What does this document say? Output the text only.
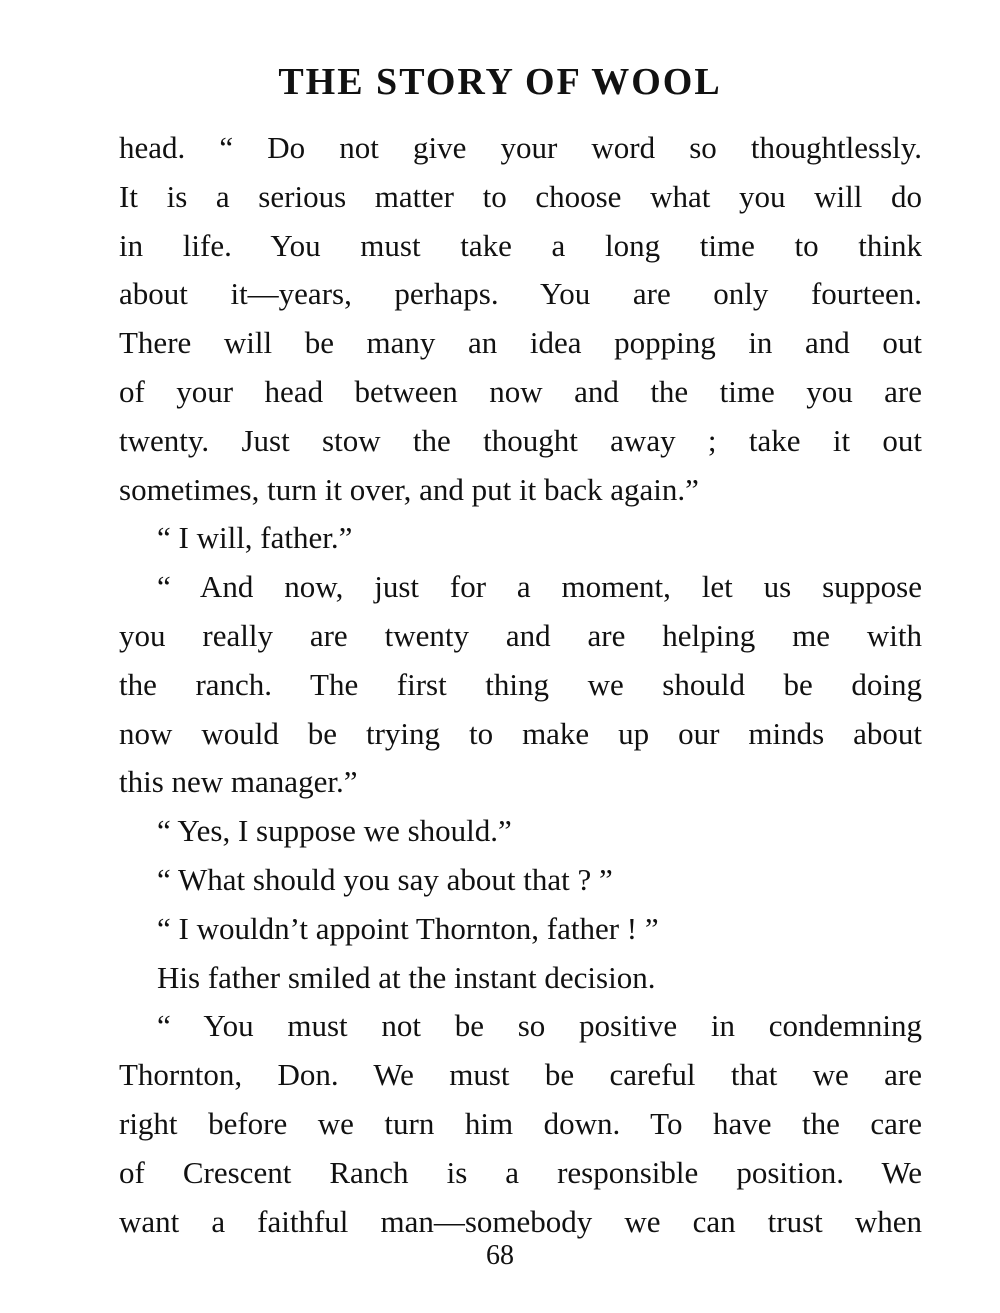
THE STORY OF WOOL
head. “ Do not give your word so thoughtlessly.
It is a serious matter to choose what you will do
in life. You must take a long time to think
about it—years, perhaps. You are only fourteen.
There will be many an idea popping in and out
of your head between now and the time you are
twenty. Just stow the thought away ; take it out
sometimes, turn it over, and put it back again.”
“ I will, father.”
“ And now, just for a moment, let us suppose
you really are twenty and are helping me with
the ranch. The first thing we should be doing
now would be trying to make up our minds about
this new manager.”
“ Yes, I suppose we should.”
“ What should you say about that ? ”
“ I wouldn’t appoint Thornton, father ! ”
His father smiled at the instant decision.
“ You must not be so positive in condemning
Thornton, Don. We must be careful that we are
right before we turn him down. To have the care
of Crescent Ranch is a responsible position. We
want a faithful man—somebody we can trust when
68
